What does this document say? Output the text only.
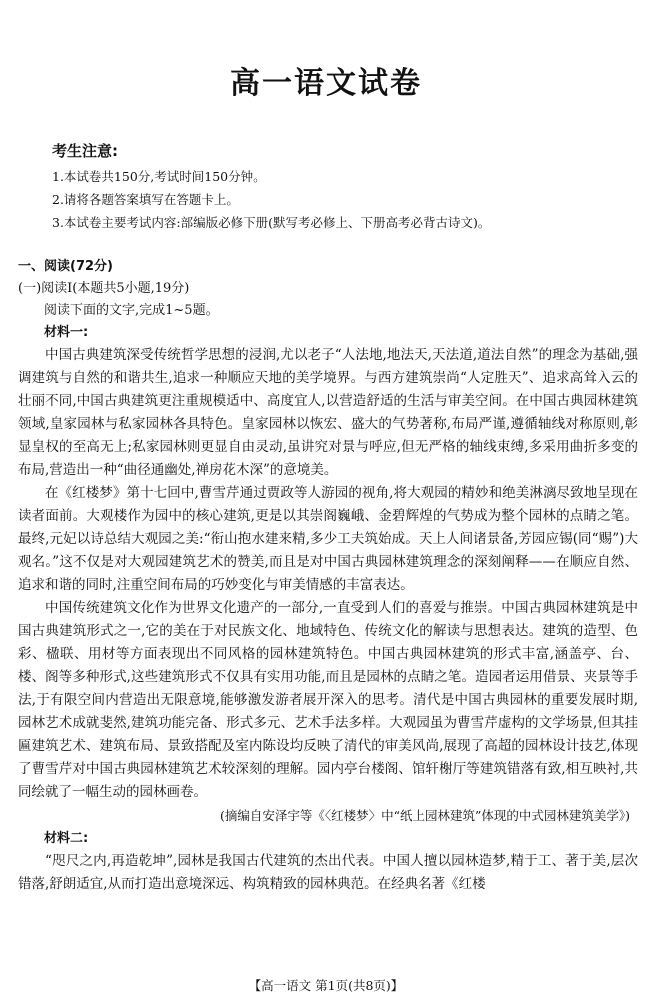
高一语文试卷
考生注意:
1.本试卷共150分,考试时间150分钟。
2.请将各题答案填写在答题卡上。
3.本试卷主要考试内容:部编版必修下册(默写考必修上、下册高考必背古诗文)。
一、阅读(72分)
(一)阅读Ⅰ(本题共5小题,19分)
阅读下面的文字,完成1~5题。
材料一:

中国古典建筑深受传统哲学思想的浸润,尤以老子“人法地,地法天,天法道,道法自然”的理念为基础,强调建筑与自然的和谐共生,追求一种顺应天地的美学境界。与西方建筑崇尚“人定胜天”、追求高耸入云的壮丽不同,中国古典建筑更注重规模适中、高度宜人,以营造舒适的生活与审美空间。在中国古典园林建筑领域,皇家园林与私家园林各具特色。皇家园林以恢宏、盛大的气势著称,布局严谨,遵循轴线对称原则,彰显皇权的至高无上;私家园林则更显自由灵动,虽讲究对景与呼应,但无严格的轴线束缚,多采用曲折多变的布局,营造出一种“曲径通幽处,禅房花木深”的意境美。

在《红楼梦》第十七回中,曹雪芹通过贾政等人游园的视角,将大观园的精妙和绝美淋漓尽致地呈现在读者面前。大观楼作为园中的核心建筑,更是以其崇阁巍峨、金碧辉煌的气势成为整个园林的点睛之笔。最终,元妃以诗总结大观园之美:“衔山抱水建来精,多少工夫筑始成。天上人间诸景备,芳园应锡(同“赐”)大观名。”这不仅是对大观园建筑艺术的赞美,而且是对中国古典园林建筑理念的深刻阐释——在顺应自然、追求和谐的同时,注重空间布局的巧妙变化与审美情感的丰富表达。

中国传统建筑文化作为世界文化遗产的一部分,一直受到人们的喜爱与推崇。中国古典园林建筑是中国古典建筑形式之一,它的美在于对民族文化、地域特色、传统文化的解读与思想表达。建筑的造型、色彩、楹联、用材等方面表现出不同风格的园林建筑特色。中国古典园林建筑的形式丰富,涵盖亭、台、楼、阁等多种形式,这些建筑形式不仅具有实用功能,而且是园林的点睛之笔。造园者运用借景、夹景等手法,于有限空间内营造出无限意境,能够激发游者展开深入的思考。清代是中国古典园林的重要发展时期,园林艺术成就斐然,建筑功能完备、形式多元、艺术手法多样。大观园虽为曹雪芹虚构的文学场景,但其挂匾建筑艺术、建筑布局、景致搭配及室内陈设均反映了清代的审美风尚,展现了高超的园林设计技艺,体现了曹雪芹对中国古典园林建筑艺术较深刻的理解。园内亭台楼阁、馆轩榭厅等建筑错落有致,相互映衬,共同绘就了一幅生动的园林画卷。

(摘编自安泽宇等《〈红楼梦〉中“纸上园林建筑”体现的中式园林建筑美学》)
材料二:

“咫尺之内,再造乾坤”,园林是我国古代建筑的杰出代表。中国人擅以园林造梦,精于工、著于美,层次错落,舒朗适宜,从而打造出意境深远、构筑精致的园林典范。在经典名著《红楼

【高一语文 第1页(共8页)】
